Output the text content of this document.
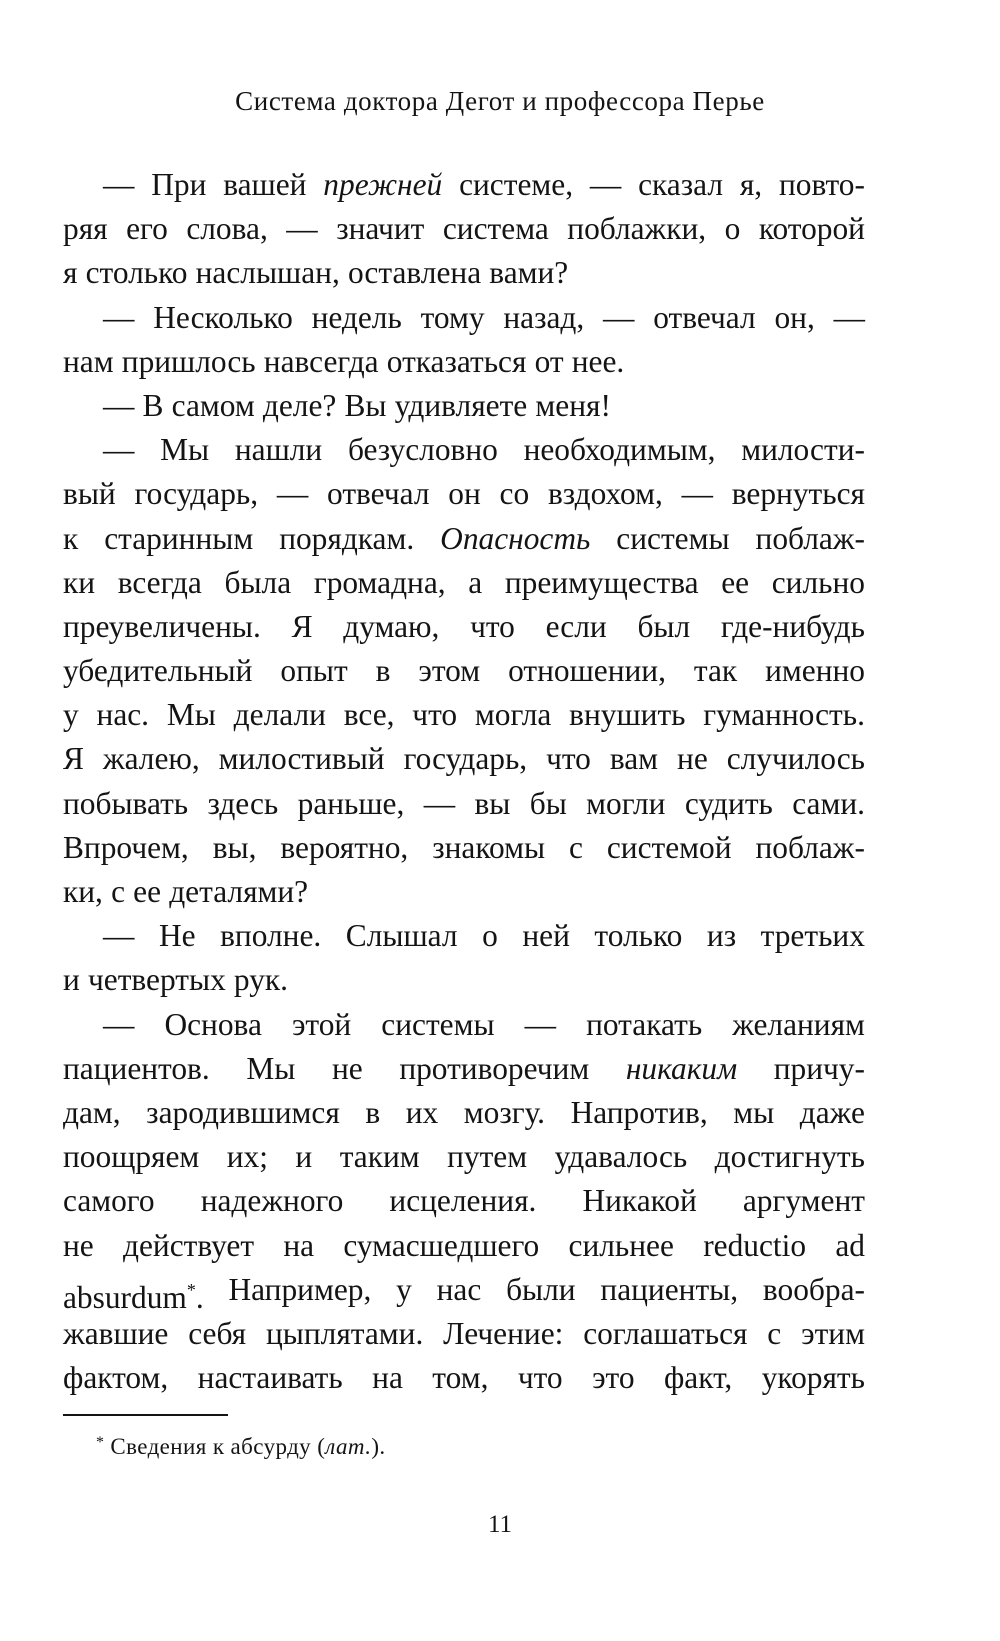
Система доктора Дегот и профессора Перье
— При вашей прежней системе, — сказал я, повто-
ряя его слова, — значит система поблажки, о которой
я столько наслышан, оставлена вами?
— Несколько недель тому назад, — отвечал он, —
нам пришлось навсегда отказаться от нее.
— В самом деле? Вы удивляете меня!
— Мы нашли безусловно необходимым, милости-
вый государь, — отвечал он со вздохом, — вернуться
к старинным порядкам. Опасность системы поблаж-
ки всегда была громадна, а преимущества ее сильно
преувеличены. Я думаю, что если был где-нибудь
убедительный опыт в этом отношении, так именно
у нас. Мы делали все, что могла внушить гуманность.
Я жалею, милостивый государь, что вам не случилось
побывать здесь раньше, — вы бы могли судить сами.
Впрочем, вы, вероятно, знакомы с системой поблаж-
ки, с ее деталями?
— Не вполне. Слышал о ней только из третьих
и четвертых рук.
— Основа этой системы — потакать желаниям
пациентов. Мы не противоречим никаким причу-
дам, зародившимся в их мозгу. Напротив, мы даже
поощряем их; и таким путем удавалось достигнуть
самого надежного исцеления. Никакой аргумент
не действует на сумасшедшего сильнее reductio ad
absurdum*. Например, у нас были пациенты, вообра-
жавшие себя цыплятами. Лечение: соглашаться с этим
фактом, настаивать на том, что это факт, укорять
* Сведения к абсурду (лат.).
11
